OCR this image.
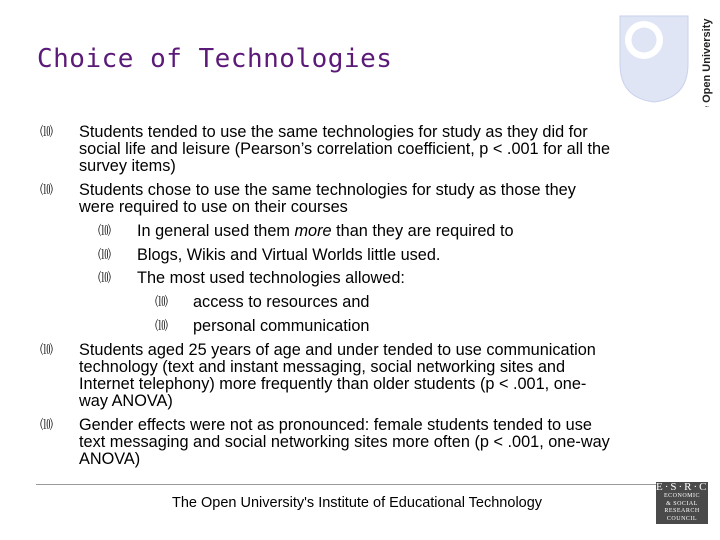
Choice of Technologies	The Open University
⑽ Students tended to use the same technologies for study as they did for
social life and leisure (Pearson’s correlation coefficient, p < .001 for all the
survey items)
⑽ Students chose to use the same technologies for study as those they
were required to use on their courses
⑽ In general used them more than they are required to
⑽ Blogs, Wikis and Virtual Worlds little used.
⑽ The most used technologies allowed:
⑽ access to resources and
⑽ personal communication
⑽ Students aged 25 years of age and under tended to use communication
technology (text and instant messaging, social networking sites and
Internet telephony) more frequently than older students (p < .001, one-
way ANOVA)
⑽ Gender effects were not as pronounced: female students tended to use
text messaging and social networking sites more often (p < .001, one-way
ANOVA)
The Open University's Institute of Educational Technology
E·S·R·C
ECONOMIC
& SOCIAL
RESEARCH
COUNCIL
